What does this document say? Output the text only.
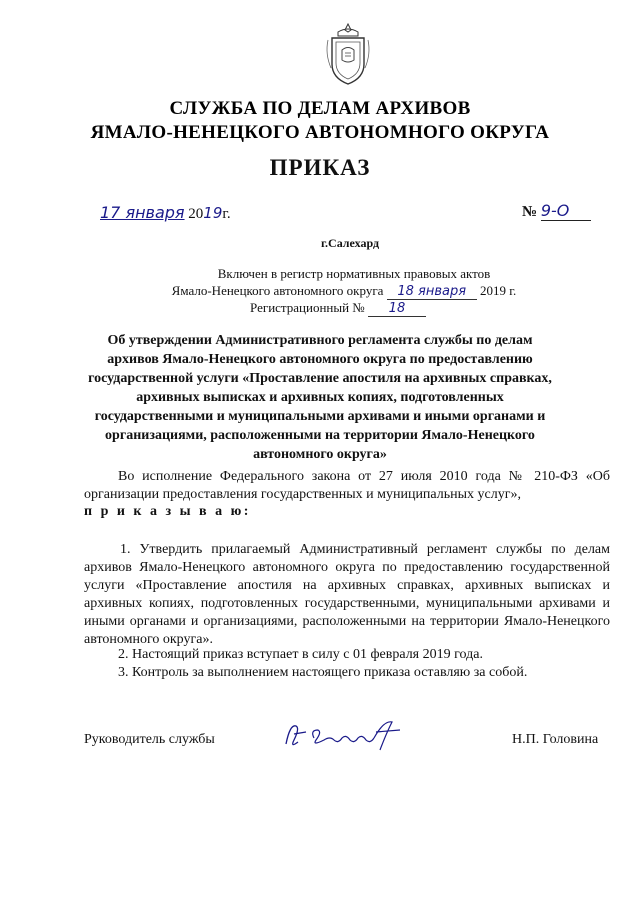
СЛУЖБА ПО ДЕЛАМ АРХИВОВ
ЯМАЛО-НЕНЕЦКОГО АВТОНОМНОГО ОКРУГА
ПРИКАЗ
17 января 2019г.	№ 9-О
г.Салехард
Включен в регистр нормативных правовых актов
Ямало-Ненецкого автономного округа 18 января 2019 г.
Регистрационный № 18
Об утверждении Административного регламента службы по делам архивов Ямало-Ненецкого автономного округа по предоставлению государственной услуги «Проставление апостиля на архивных справках, архивных выписках и архивных копиях, подготовленных государственными и муниципальными архивами и иными органами и организациями, расположенными на территории Ямало-Ненецкого автономного округа»
Во исполнение Федерального закона от 27 июля 2010 года № 210-ФЗ «Об организации предоставления государственных и муниципальных услуг»,
п р и к а з ы в а ю:
1. Утвердить прилагаемый Административный регламент службы по делам архивов Ямало-Ненецкого автономного округа по предоставлению государственной услуги «Проставление апостиля на архивных справках, архивных выписках и архивных копиях, подготовленных государственными, муниципальными архивами и иными органами и организациями, расположенными на территории Ямало-Ненецкого автономного округа».
2. Настоящий приказ вступает в силу с 01 февраля 2019 года.
3. Контроль за выполнением настоящего приказа оставляю за собой.
Руководитель службы	Н.П. Головина
